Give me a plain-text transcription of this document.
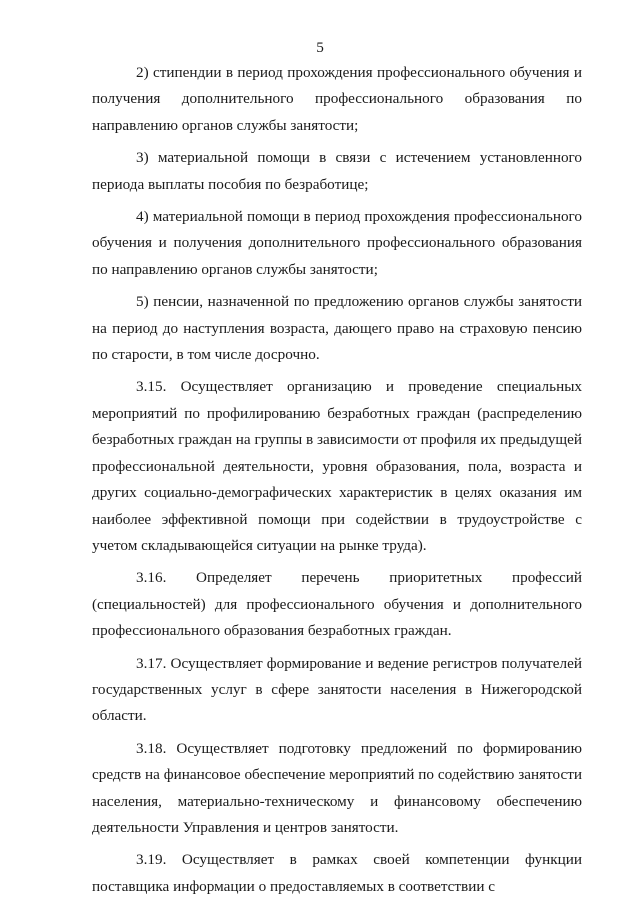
5

2) стипендии в период прохождения профессионального обучения и получения дополнительного профессионального образования по направлению органов службы занятости;

3) материальной помощи в связи с истечением установленного периода выплаты пособия по безработице;

4) материальной помощи в период прохождения профессионального обучения и получения дополнительного профессионального образования по направлению органов службы занятости;

5) пенсии, назначенной по предложению органов службы занятости на период до наступления возраста, дающего право на страховую пенсию по старости, в том числе досрочно.

3.15. Осуществляет организацию и проведение специальных мероприятий по профилированию безработных граждан (распределению безработных граждан на группы в зависимости от профиля их предыдущей профессиональной деятельности, уровня образования, пола, возраста и других социально-демографических характеристик в целях оказания им наиболее эффективной помощи при содействии в трудоустройстве с учетом складывающейся ситуации на рынке труда).

3.16. Определяет перечень приоритетных профессий (специальностей) для профессионального обучения и дополнительного профессионального образования безработных граждан.

3.17. Осуществляет формирование и ведение регистров получателей государственных услуг в сфере занятости населения в Нижегородской области.

3.18. Осуществляет подготовку предложений по формированию средств на финансовое обеспечение мероприятий по содействию занятости населения, материально-техническому и финансовому обеспечению деятельности Управления и центров занятости.

3.19. Осуществляет в рамках своей компетенции функции поставщика информации о предоставляемых в соответствии с
